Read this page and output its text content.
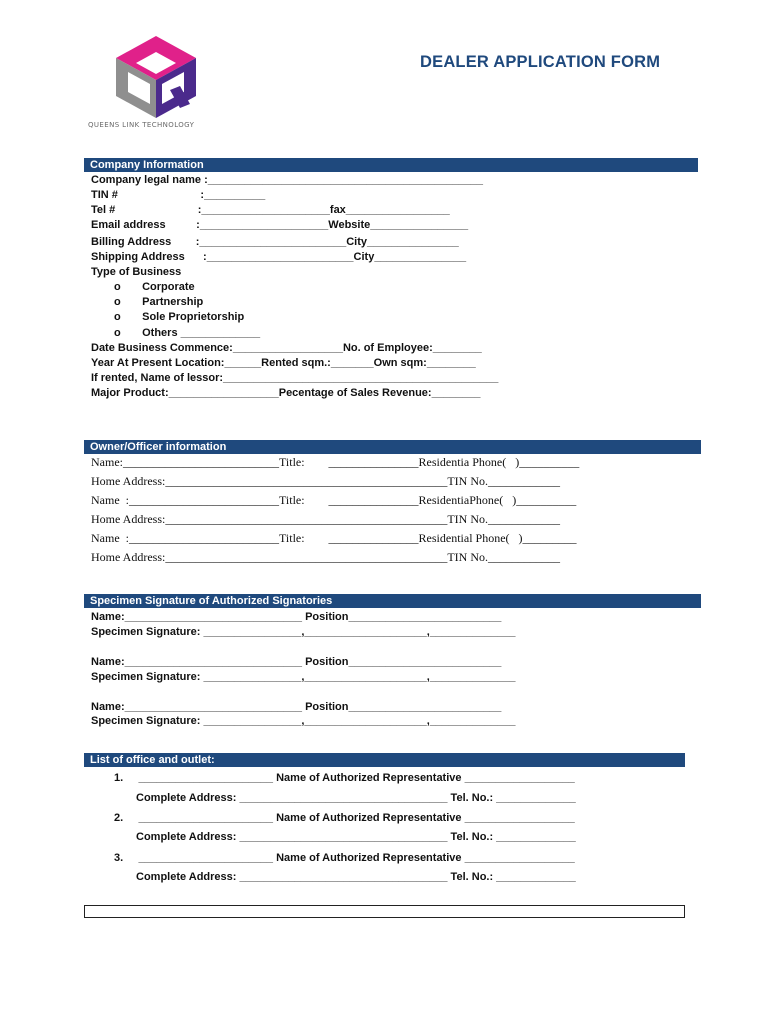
QUEENS LINK TECHNOLOGY
DEALER APPLICATION FORM
Company Information
Company legal name :_____________________________________________
TIN #                           :__________
Tel #                           :_____________________fax_________________
Email address          :_____________________Website________________
Billing Address        :________________________City_______________
Shipping Address      :________________________City_______________
Type of Business
o       Corporate
o       Partnership
o       Sole Proprietorship
o       Others _____________
Date Business Commence:__________________No. of Employee:________
Year At Present Location:______Rented sqm.:_______Own sqm:________
If rented, Name of lessor:_____________________________________________
Major Product:__________________Pecentage of Sales Revenue:________
Owner/Officer information
Name:__________________________Title:        _______________Residentia Phone(   )__________
Home Address:_______________________________________________TIN No.____________
Name  :_________________________Title:        _______________ResidentiaPhone(   )__________
Home Address:_______________________________________________TIN No.____________
Name  :_________________________Title:        _______________Residential Phone(   )_________
Home Address:_______________________________________________TIN No.____________
Specimen Signature of Authorized Signatories
Name:_____________________________ Position_________________________
Specimen Signature: ________________,____________________,______________
Name:_____________________________ Position_________________________
Specimen Signature: ________________,____________________,______________
Name:_____________________________ Position_________________________
Specimen Signature: ________________,____________________,______________
List of office and outlet:
1.     ______________________ Name of Authorized Representative __________________
Complete Address: __________________________________ Tel. No.: _____________
2.     ______________________ Name of Authorized Representative __________________
Complete Address: __________________________________ Tel. No.: _____________
3.     ______________________ Name of Authorized Representative __________________
Complete Address: __________________________________ Tel. No.: _____________
